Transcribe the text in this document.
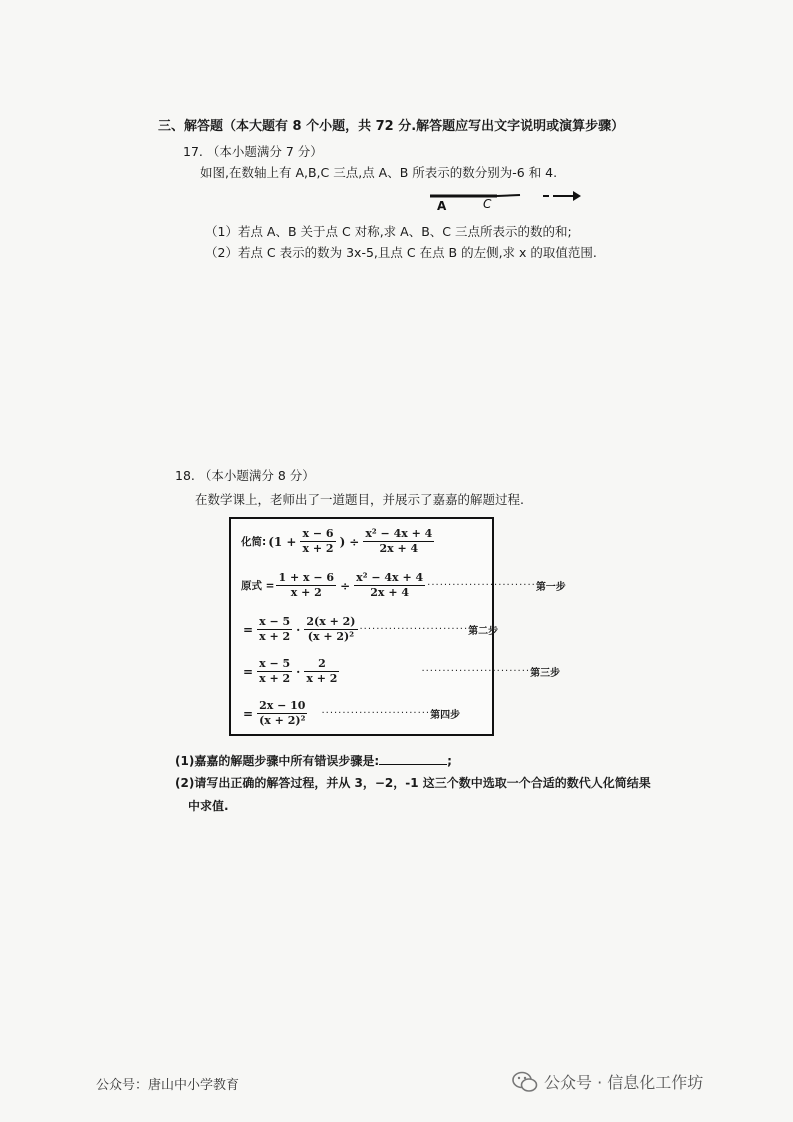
三、解答题（本大题有 8 个小题，共 72 分.解答题应写出文字说明或演算步骤）
17. （本小题满分 7 分）
如图,在数轴上有 A,B,C 三点,点 A、B 所表示的数分别为-6 和 4.
A	C
（1）若点 A、B 关于点 C 对称,求 A、B、C 三点所表示的数的和;
（2）若点 C 表示的数为 3x-5,且点 C 在点 B 的左侧,求 x 的取值范围.
18. （本小题满分 8 分）
在数学课上，老师出了一道题目，并展示了嘉嘉的解题过程.
化简: ($1 + \frac{x - 6}{x + 2}$ ) ÷ $\frac{\text{x² − 4x + 4}}{2x + 4}$
原式 = $\frac{1 + x - 6}{x + 2} \div \frac{\text{x² − 4x + 4}}{2x + 4}$ ·························· 第一步
= $\frac{x - 5}{x + 2} \cdot \frac{2(x + 2)}{\text{(x + 2)²}}$ ·························· 第二步
= $\frac{x - 5}{x + 2} \cdot \frac{2}{x + 2}$	·························· 第三步
= $\frac{2x - 10}{\text{(x + 2)²}}$ ·························· 第四步
(1)嘉嘉的解题步骤中所有错误步骤是:	;
(2)请写出正确的解答过程，并从 3，−2，-1 这三个数中选取一个合适的数代人化简结果
中求值.
公众号：唐山中小学教育	公众号 · 信息化工作坊
